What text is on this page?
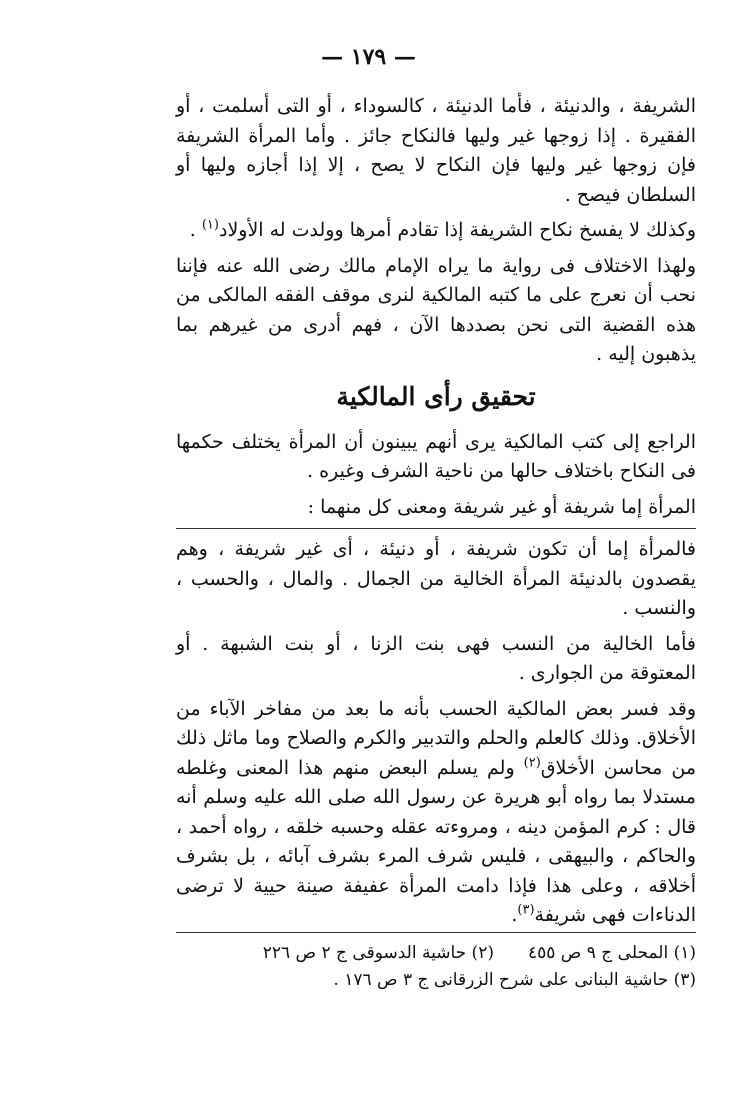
— ١٧٩ —

الشريفة ، والدنيئة ، فأما الدنيئة ، كالسوداء ، أو التى أسلمت ، أو الفقيرة . إذا زوجها غير وليها فالنكاح جائز . وأما المرأة الشريفة فإن زوجها غير وليها فإن النكاح لا يصح ، إلا إذا أجازه وليها أو السلطان فيصح .

وكذلك لا يفسخ نكاح الشريفة إذا تقادم أمرها وولدت له الأولاد$^{(١)}$ .

ولهذا الاختلاف فى رواية ما يراه الإمام مالك رضى الله عنه فإننا نحب أن نعرج على ما كتبه المالكية لنرى موقف الفقه المالكى من هذه القضية التى نحن بصددها الآن ، فهم أدرى من غيرهم بما يذهبون إليه .

تحقيق رأى المالكية

الراجع إلى كتب المالكية يرى أنهم يبينون أن المرأة يختلف حكمها فى النكاح باختلاف حالها من ناحية الشرف وغيره .

المرأة إما شريفة أو غير شريفة ومعنى كل منهما :

فالمرأة إما أن تكون شريفة ، أو دنيئة ، أى غير شريفة ، وهم يقصدون بالدنيئة المرأة الخالية من الجمال . والمال ، والحسب ، والنسب .

فأما الخالية من النسب فهى بنت الزنا ، أو بنت الشبهة . أو المعتوقة من الجوارى .

وقد فسر بعض المالكية الحسب بأنه ما بعد من مفاخر الآباء من الأخلاق. وذلك كالعلم والحلم والتدبير والكرم والصلاح وما ماثل ذلك من محاسن الأخلاق$^{(٢)}$ ولم يسلم البعض منهم هذا المعنى وغلطه مستدلا بما رواه أبو هريرة عن رسول الله صلى الله عليه وسلم أنه قال : كرم المؤمن دينه ، ومروءته عقله وحسبه خلقه ، رواه أحمد ، والحاكم ، والبيهقى ، فليس شرف المرء بشرف آبائه ، بل بشرف أخلاقه ، وعلى هذا فإذا دامت المرأة عفيفة صينة حيية لا ترضى الدناءات فهى شريفة$^{(٣)}$.

(١) المحلى ج ٩ ص ٤٥٥(٢) حاشية الدسوقى ج ٢ ص ٢٢٦
(٣) حاشية البنانى على شرح الزرقانى ج ٣ ص ١٧٦ .
